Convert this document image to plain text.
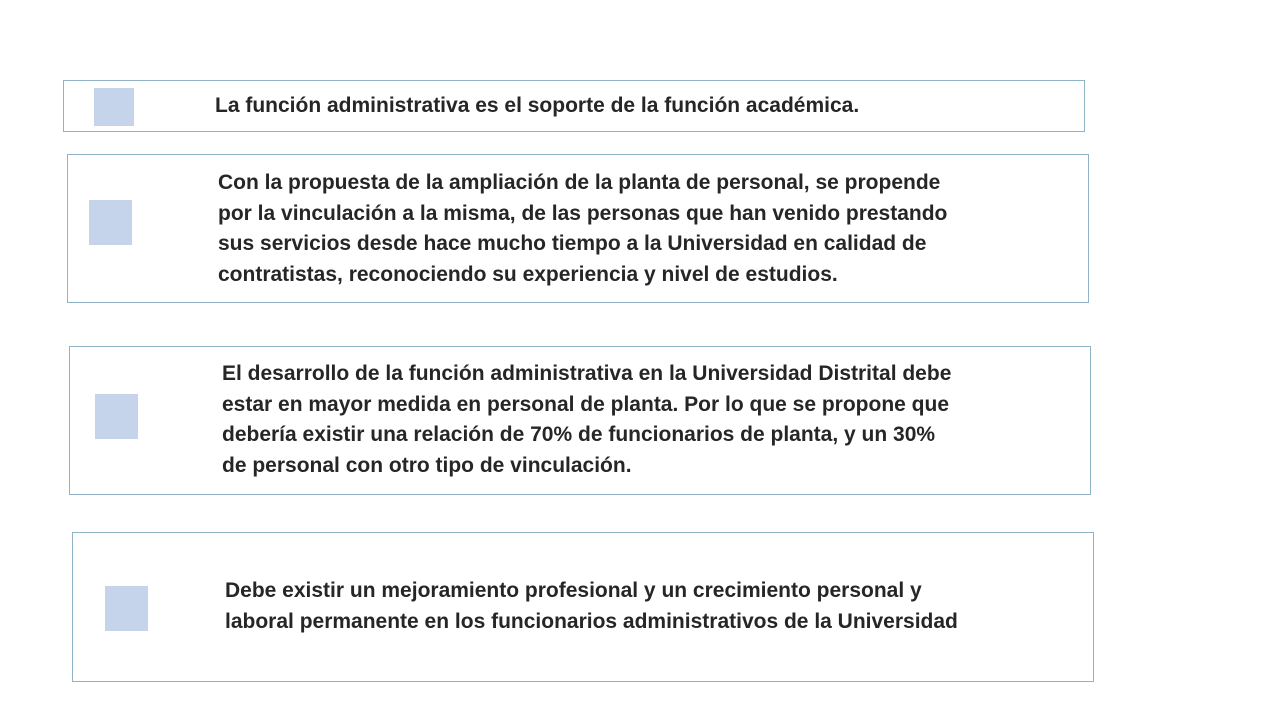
La función administrativa es el soporte de la función académica.
Con la propuesta de la ampliación de la planta de personal, se propende
por la vinculación a la misma, de las personas que han venido prestando
sus servicios desde hace mucho tiempo a la Universidad en calidad de
contratistas, reconociendo su experiencia y nivel de estudios.
El desarrollo de la función administrativa en la Universidad Distrital debe
estar en mayor medida en personal de planta. Por lo que se propone que
debería existir una relación de 70% de funcionarios de planta, y un 30%
de personal con otro tipo de vinculación.
Debe existir un mejoramiento profesional y un crecimiento personal y
laboral permanente en los funcionarios administrativos de la Universidad
